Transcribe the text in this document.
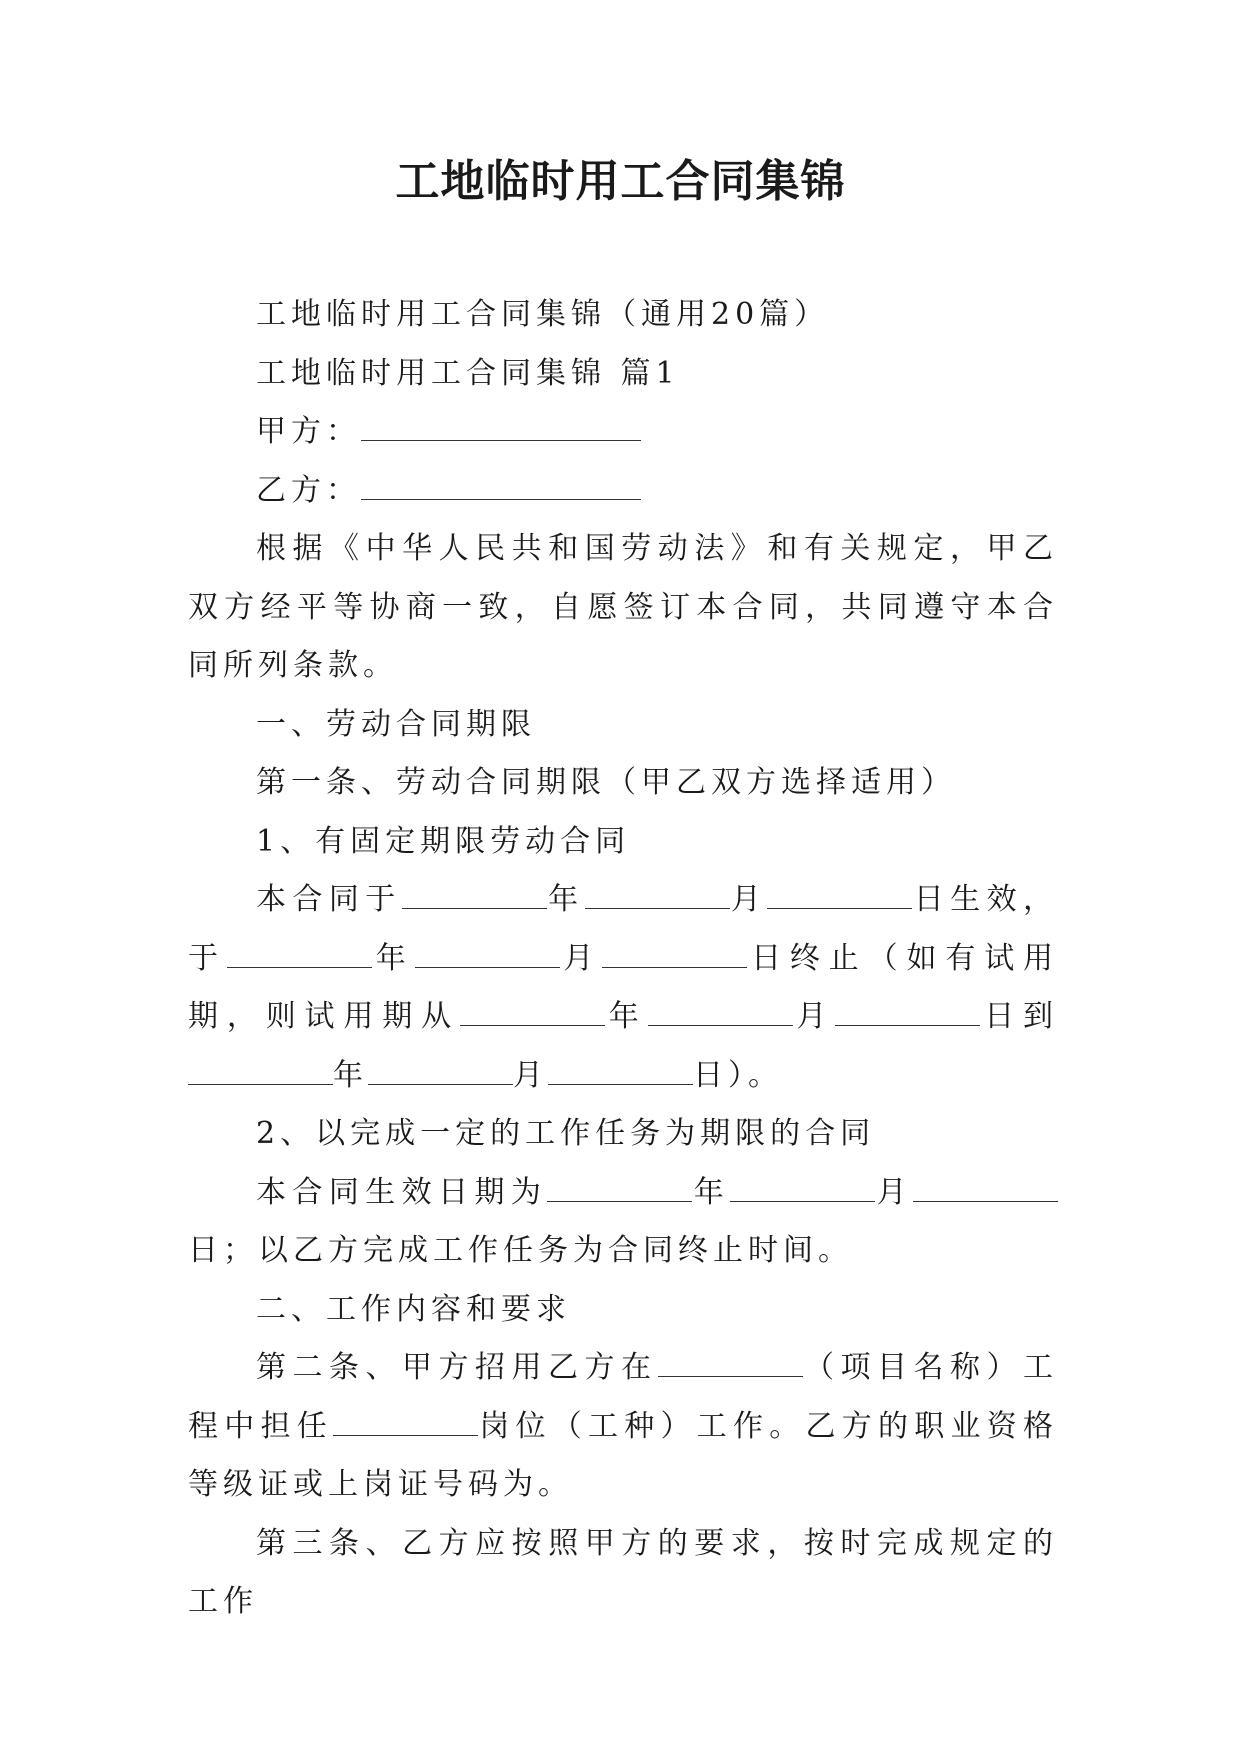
工地临时用工合同集锦

工地临时用工合同集锦（通用20篇）

工地临时用工合同集锦 篇1

甲方：

乙方：

根据《中华人民共和国劳动法》和有关规定，甲乙双方经平等协商一致，自愿签订本合同，共同遵守本合同所列条款。

一、劳动合同期限

第一条、劳动合同期限（甲乙双方选择适用）

1、有固定期限劳动合同

本合同于	年	月	日生效，于	年	月	日终止（如有试用期，则试用期从	年	月	日到年	月	日）。

2、以完成一定的工作任务为期限的合同

本合同生效日期为	年	月日；以乙方完成工作任务为合同终止时间。

二、工作内容和要求

第二条、甲方招用乙方在	（项目名称）工程中担任	岗位（工种）工作。乙方的职业资格等级证或上岗证号码为。

第三条、乙方应按照甲方的要求，按时完成规定的工作
